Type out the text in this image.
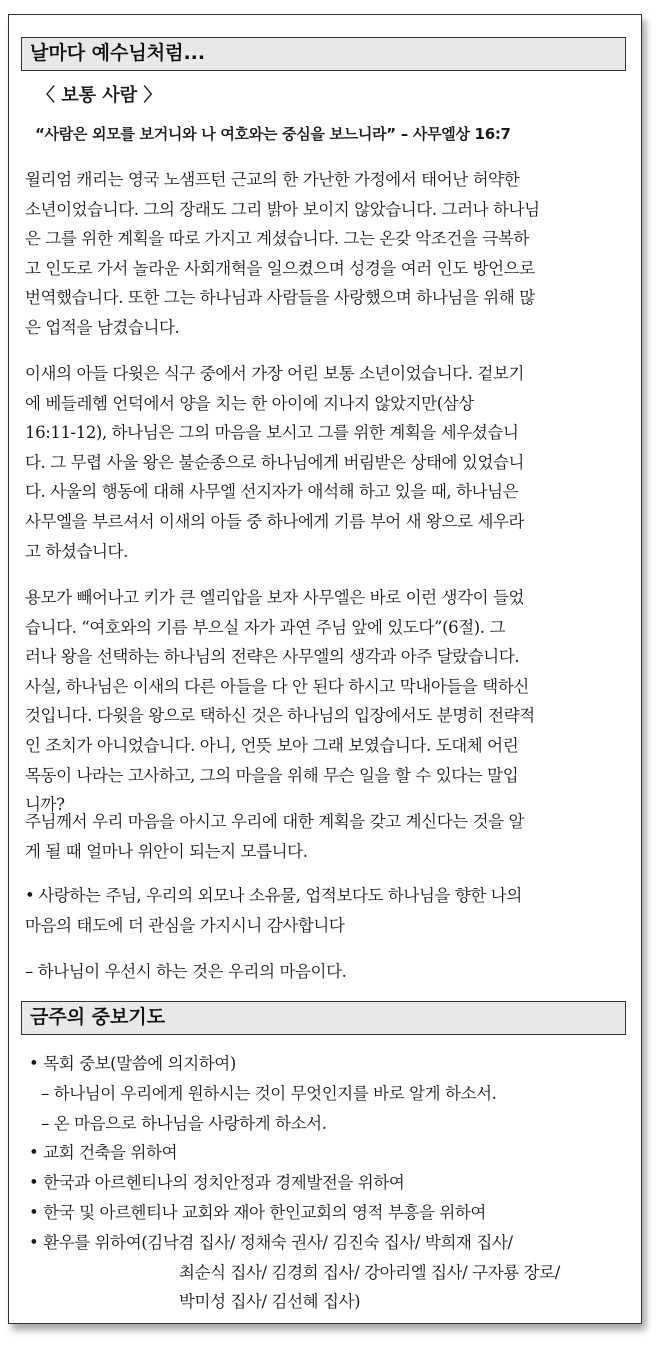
날마다 예수님처럼...
〈 보통 사람 〉
“사람은 외모를 보거니와 나 여호와는 중심을 보느니라” – 사무엘상 16:7
윌리엄 캐리는 영국 노샘프턴 근교의 한 가난한 가정에서 태어난 허약한
소년이었습니다. 그의 장래도 그리 밝아 보이지 않았습니다. 그러나 하나님
은 그를 위한 계획을 따로 가지고 계셨습니다. 그는 온갖 악조건을 극복하
고 인도로 가서 놀라운 사회개혁을 일으켰으며 성경을 여러 인도 방언으로
번역했습니다. 또한 그는 하나님과 사람들을 사랑했으며 하나님을 위해 많
은 업적을 남겼습니다.
이새의 아들 다윗은 식구 중에서 가장 어린 보통 소년이었습니다. 겉보기
에 베들레헴 언덕에서 양을 치는 한 아이에 지나지 않았지만(삼상
16:11-12), 하나님은 그의 마음을 보시고 그를 위한 계획을 세우셨습니
다. 그 무렵 사울 왕은 불순종으로 하나님에게 버림받은 상태에 있었습니
다. 사울의 행동에 대해 사무엘 선지자가 애석해 하고 있을 때, 하나님은
사무엘을 부르셔서 이새의 아들 중 하나에게 기름 부어 새 왕으로 세우라
고 하셨습니다.
용모가 빼어나고 키가 큰 엘리압을 보자 사무엘은 바로 이런 생각이 들었
습니다. “여호와의 기름 부으실 자가 과연 주님 앞에 있도다”(6절). 그
러나 왕을 선택하는 하나님의 전략은 사무엘의 생각과 아주 달랐습니다.
사실, 하나님은 이새의 다른 아들을 다 안 된다 하시고 막내아들을 택하신
것입니다. 다윗을 왕으로 택하신 것은 하나님의 입장에서도 분명히 전략적
인 조치가 아니었습니다. 아니, 언뜻 보아 그래 보였습니다. 도대체 어린
목동이 나라는 고사하고, 그의 마을을 위해 무슨 일을 할 수 있다는 말입
니까?
주님께서 우리 마음을 아시고 우리에 대한 계획을 갖고 계신다는 것을 알
게 될 때 얼마나 위안이 되는지 모릅니다.
• 사랑하는 주님, 우리의 외모나 소유물, 업적보다도 하나님을 향한 나의
마음의 태도에 더 관심을 가지시니 감사합니다
– 하나님이 우선시 하는 것은 우리의 마음이다.
금주의 중보기도
• 목회 중보(말씀에 의지하여)
– 하나님이 우리에게 원하시는 것이 무엇인지를 바로 알게 하소서.
– 온 마음으로 하나님을 사랑하게 하소서.
• 교회 건축을 위하여
• 한국과 아르헨티나의 정치안정과 경제발전을 위하여
• 한국 및 아르헨티나 교회와 재아 한인교회의 영적 부흥을 위하여
• 환우를 위하여(김낙겸 집사/ 정채숙 권사/ 김진숙 집사/ 박희재 집사/
최순식 집사/ 김경희 집사/ 강아리엘 집사/ 구자룡 장로/
박미성 집사/ 김선혜 집사)
